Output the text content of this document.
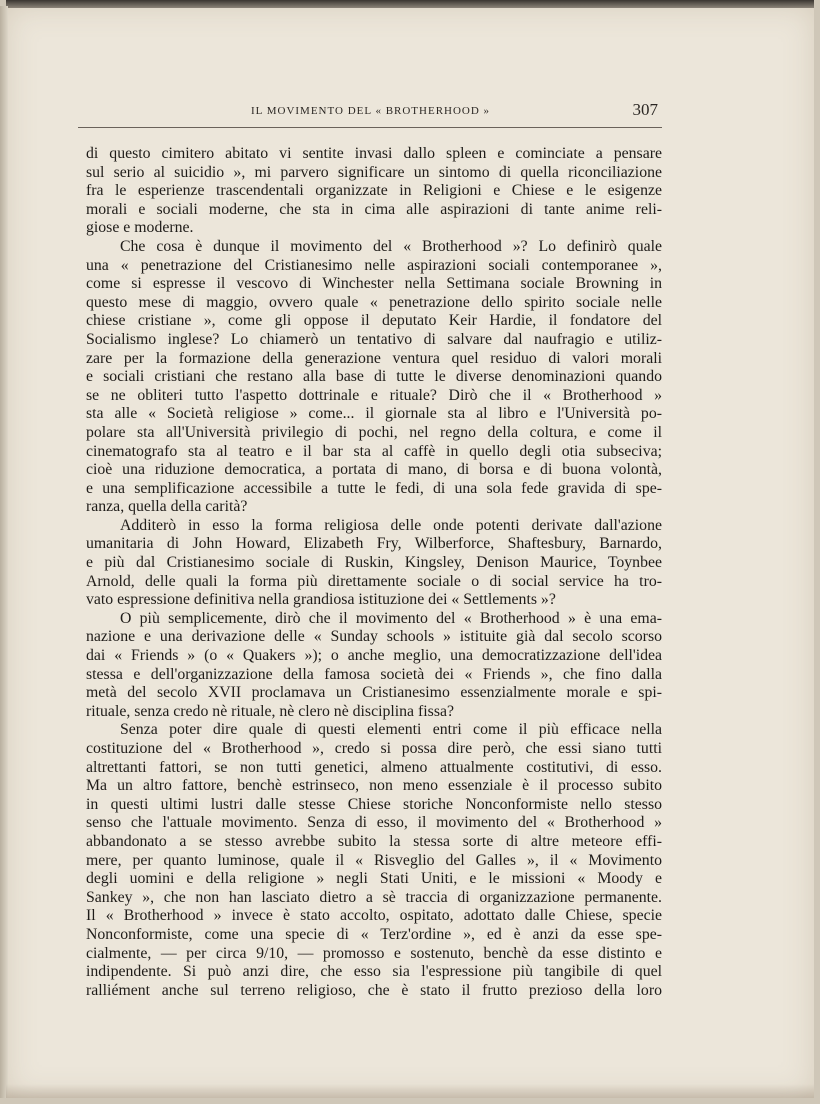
IL MOVIMENTO DEL « BROTHERHOOD »	307
di questo cimitero abitato vi sentite invasi dallo spleen e cominciate a pensare
sul serio al suicidio », mi parvero significare un sintomo di quella riconciliazione
fra le esperienze trascendentali organizzate in Religioni e Chiese e le esigenze
morali e sociali moderne, che sta in cima alle aspirazioni di tante anime reli-
giose e moderne.
Che cosa è dunque il movimento del « Brotherhood »? Lo definirò quale
una « penetrazione del Cristianesimo nelle aspirazioni sociali contemporanee »,
come si espresse il vescovo di Winchester nella Settimana sociale Browning in
questo mese di maggio, ovvero quale « penetrazione dello spirito sociale nelle
chiese cristiane », come gli oppose il deputato Keir Hardie, il fondatore del
Socialismo inglese? Lo chiamerò un tentativo di salvare dal naufragio e utiliz-
zare per la formazione della generazione ventura quel residuo di valori morali
e sociali cristiani che restano alla base di tutte le diverse denominazioni quando
se ne obliteri tutto l'aspetto dottrinale e rituale? Dirò che il « Brotherhood »
sta alle « Società religiose » come... il giornale sta al libro e l'Università po-
polare sta all'Università privilegio di pochi, nel regno della coltura, e come il
cinematografo sta al teatro e il bar sta al caffè in quello degli otia subseciva;
cioè una riduzione democratica, a portata di mano, di borsa e di buona volontà,
e una semplificazione accessibile a tutte le fedi, di una sola fede gravida di spe-
ranza, quella della carità?
Additerò in esso la forma religiosa delle onde potenti derivate dall'azione
umanitaria di John Howard, Elizabeth Fry, Wilberforce, Shaftesbury, Barnardo,
e più dal Cristianesimo sociale di Ruskin, Kingsley, Denison Maurice, Toynbee
Arnold, delle quali la forma più direttamente sociale o di social service ha tro-
vato espressione definitiva nella grandiosa istituzione dei « Settlements »?
O più semplicemente, dirò che il movimento del « Brotherhood » è una ema-
nazione e una derivazione delle « Sunday schools » istituite già dal secolo scorso
dai « Friends » (o « Quakers »); o anche meglio, una democratizzazione dell'idea
stessa e dell'organizzazione della famosa società dei « Friends », che fino dalla
metà del secolo XVII proclamava un Cristianesimo essenzialmente morale e spi-
rituale, senza credo nè rituale, nè clero nè disciplina fissa?
Senza poter dire quale di questi elementi entri come il più efficace nella
costituzione del « Brotherhood », credo si possa dire però, che essi siano tutti
altrettanti fattori, se non tutti genetici, almeno attualmente costitutivi, di esso.
Ma un altro fattore, benchè estrinseco, non meno essenziale è il processo subito
in questi ultimi lustri dalle stesse Chiese storiche Nonconformiste nello stesso
senso che l'attuale movimento. Senza di esso, il movimento del « Brotherhood »
abbandonato a se stesso avrebbe subito la stessa sorte di altre meteore effi-
mere, per quanto luminose, quale il « Risveglio del Galles », il « Movimento
degli uomini e della religione » negli Stati Uniti, e le missioni « Moody e
Sankey », che non han lasciato dietro a sè traccia di organizzazione permanente.
Il « Brotherhood » invece è stato accolto, ospitato, adottato dalle Chiese, specie
Nonconformiste, come una specie di « Terz'ordine », ed è anzi da esse spe-
cialmente, — per circa 9/10, — promosso e sostenuto, benchè da esse distinto e
indipendente. Si può anzi dire, che esso sia l'espressione più tangibile di quel
ralliément anche sul terreno religioso, che è stato il frutto prezioso della loro
